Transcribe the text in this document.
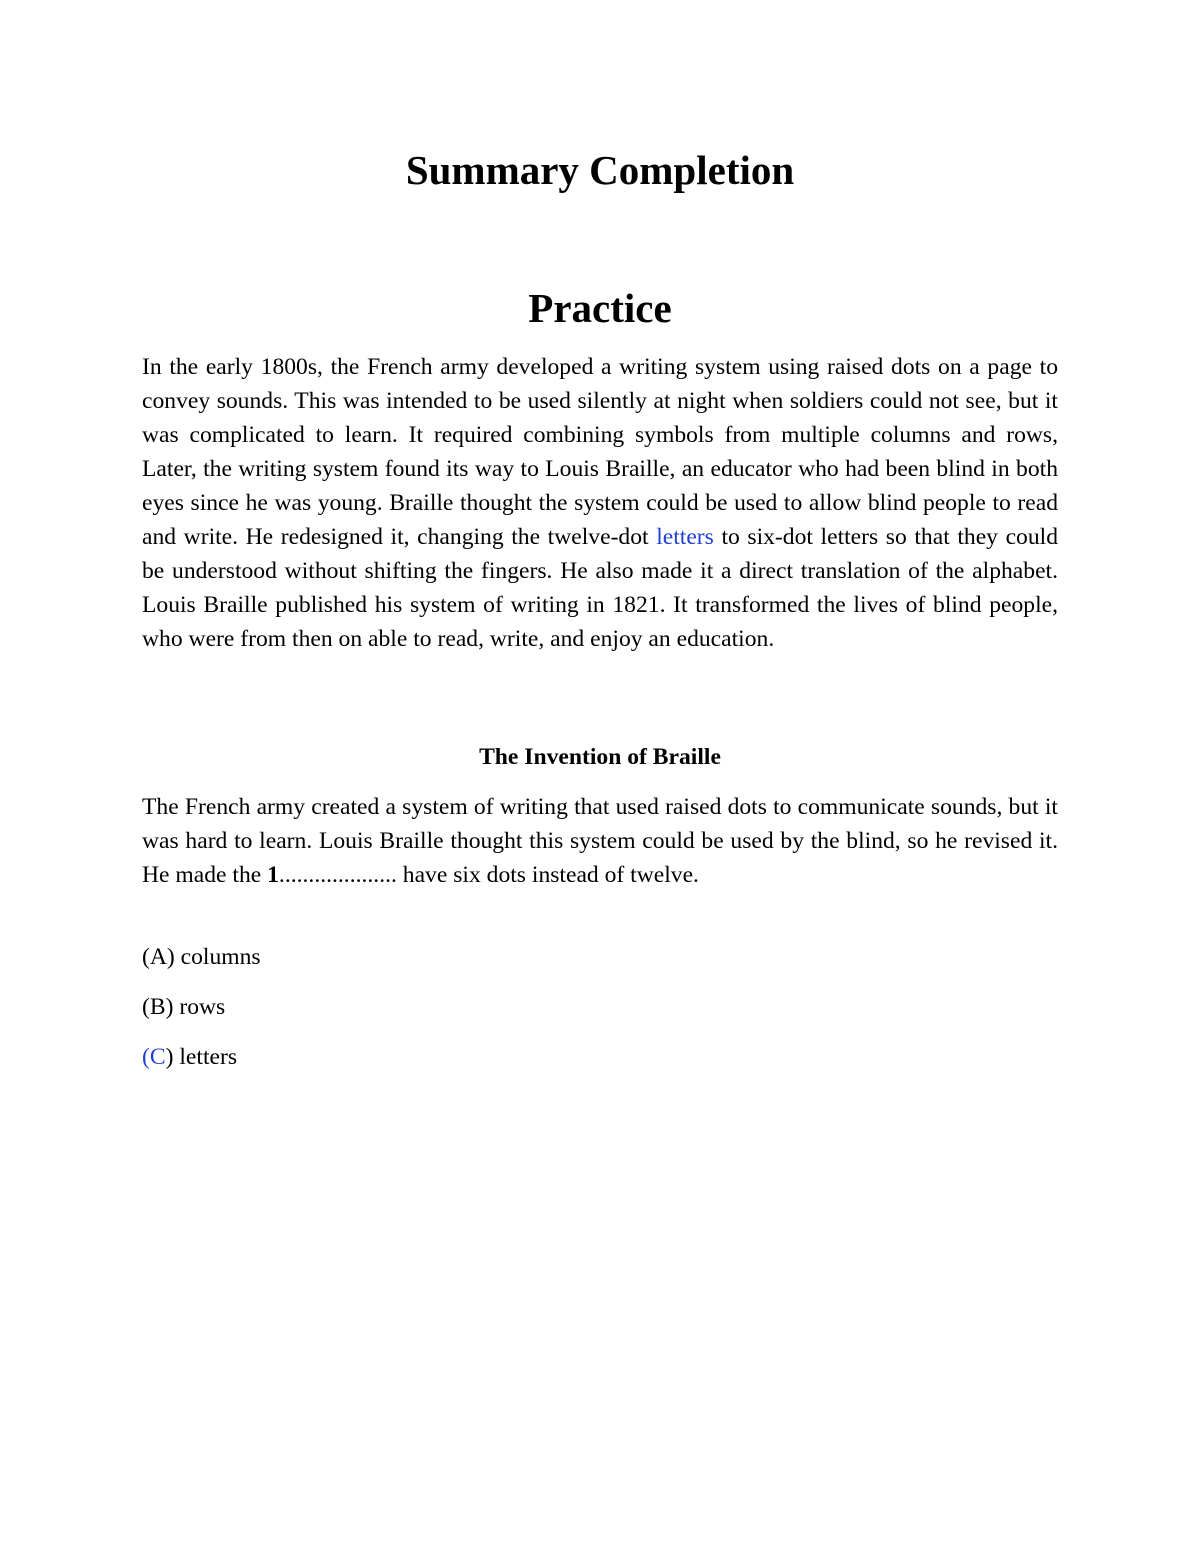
Summary Completion
Practice

In the early 1800s, the French army developed a writing system using raised dots on a page to convey sounds. This was intended to be used silently at night when soldiers could not see, but it was complicated to learn. It required combining symbols from multiple columns and rows, Later, the writing system found its way to Louis Braille, an educator who had been blind in both eyes since he was young. Braille thought the system could be used to allow blind people to read and write. He redesigned it, changing the twelve-dot letters to six-dot letters so that they could be understood without shifting the fingers. He also made it a direct translation of the alphabet. Louis Braille published his system of writing in 1821. It transformed the lives of blind people, who were from then on able to read, write, and enjoy an education.

The Invention of Braille

The French army created a system of writing that used raised dots to communicate sounds, but it was hard to learn. Louis Braille thought this system could be used by the blind, so he revised it. He made the 1.................... have six dots instead of twelve.

(A) columns

(B) rows

(C) letters
